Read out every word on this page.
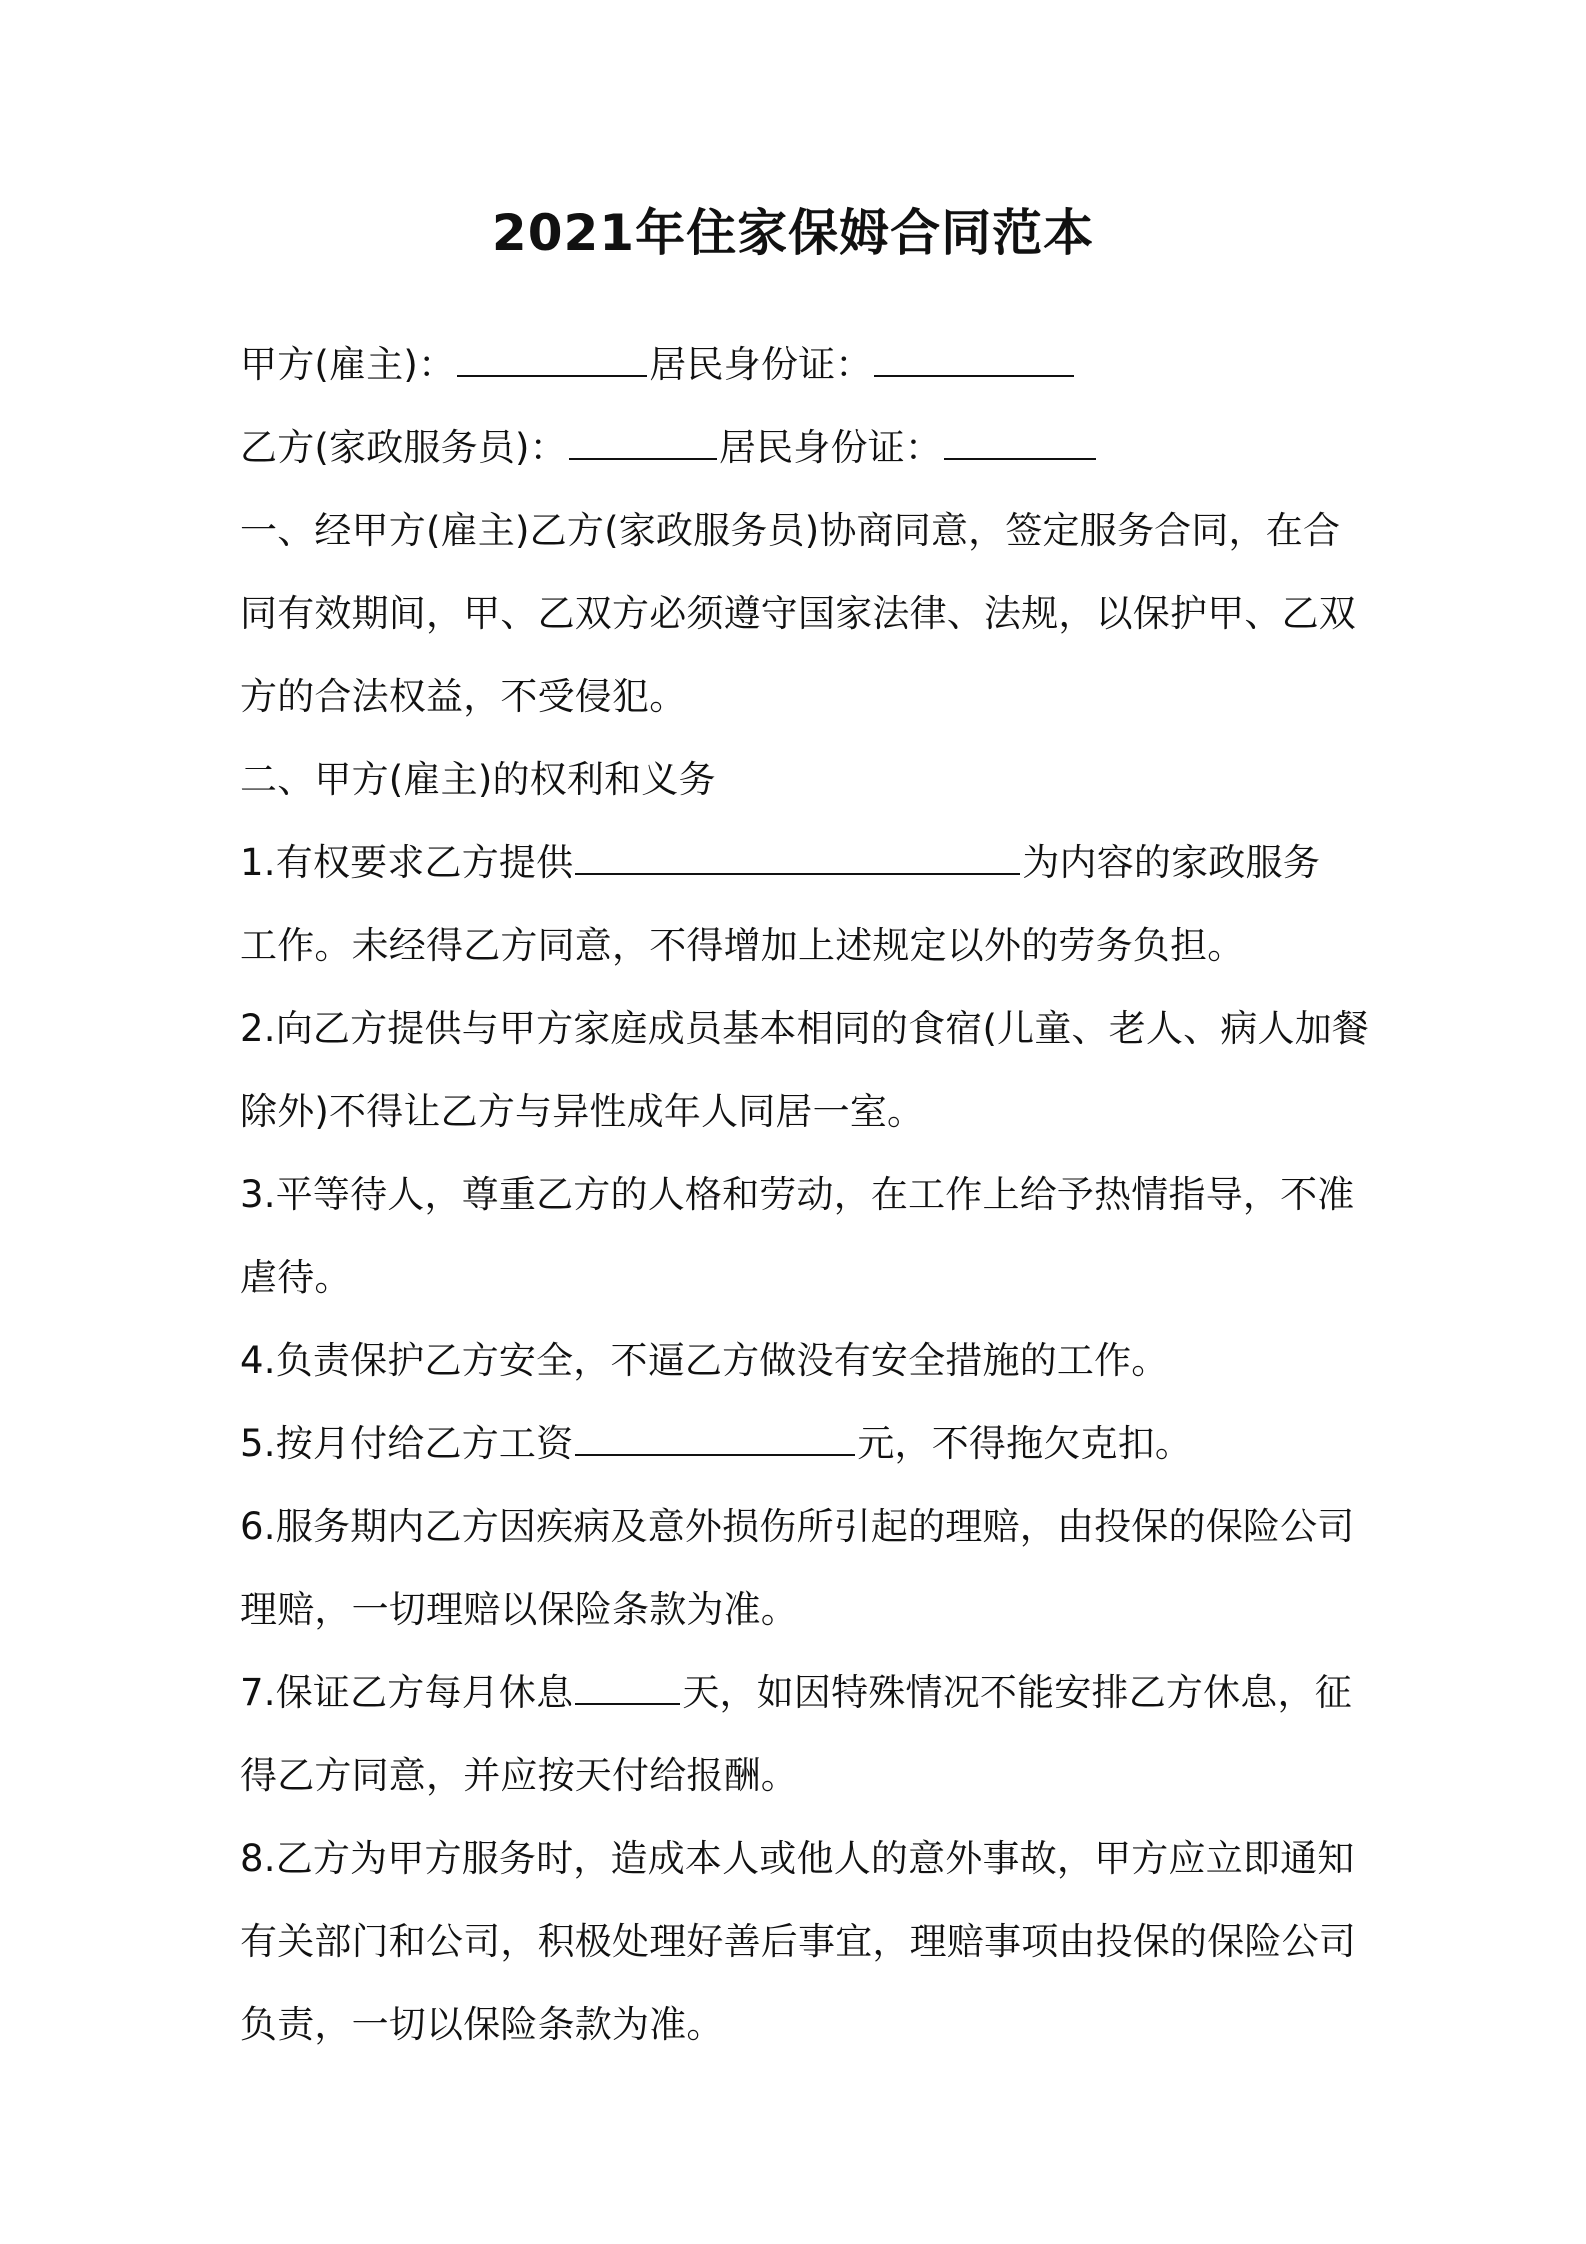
2021年住家保姆合同范本
甲方(雇主)：	居民身份证：
乙方(家政服务员)：	居民身份证：
一、经甲方(雇主)乙方(家政服务员)协商同意，签定服务合同，在合
同有效期间，甲、乙双方必须遵守国家法律、法规，以保护甲、乙双
方的合法权益，不受侵犯。
二、甲方(雇主)的权利和义务
1.有权要求乙方提供	为内容的家政服务
工作。未经得乙方同意，不得增加上述规定以外的劳务负担。
2.向乙方提供与甲方家庭成员基本相同的食宿(儿童、老人、病人加餐
除外)不得让乙方与异性成年人同居一室。
3.平等待人，尊重乙方的人格和劳动，在工作上给予热情指导，不准
虐待。
4.负责保护乙方安全，不逼乙方做没有安全措施的工作。
5.按月付给乙方工资	元，不得拖欠克扣。
6.服务期内乙方因疾病及意外损伤所引起的理赔，由投保的保险公司
理赔，一切理赔以保险条款为准。
7.保证乙方每月休息	天，如因特殊情况不能安排乙方休息，征
得乙方同意，并应按天付给报酬。
8.乙方为甲方服务时，造成本人或他人的意外事故，甲方应立即通知
有关部门和公司，积极处理好善后事宜，理赔事项由投保的保险公司
负责，一切以保险条款为准。
